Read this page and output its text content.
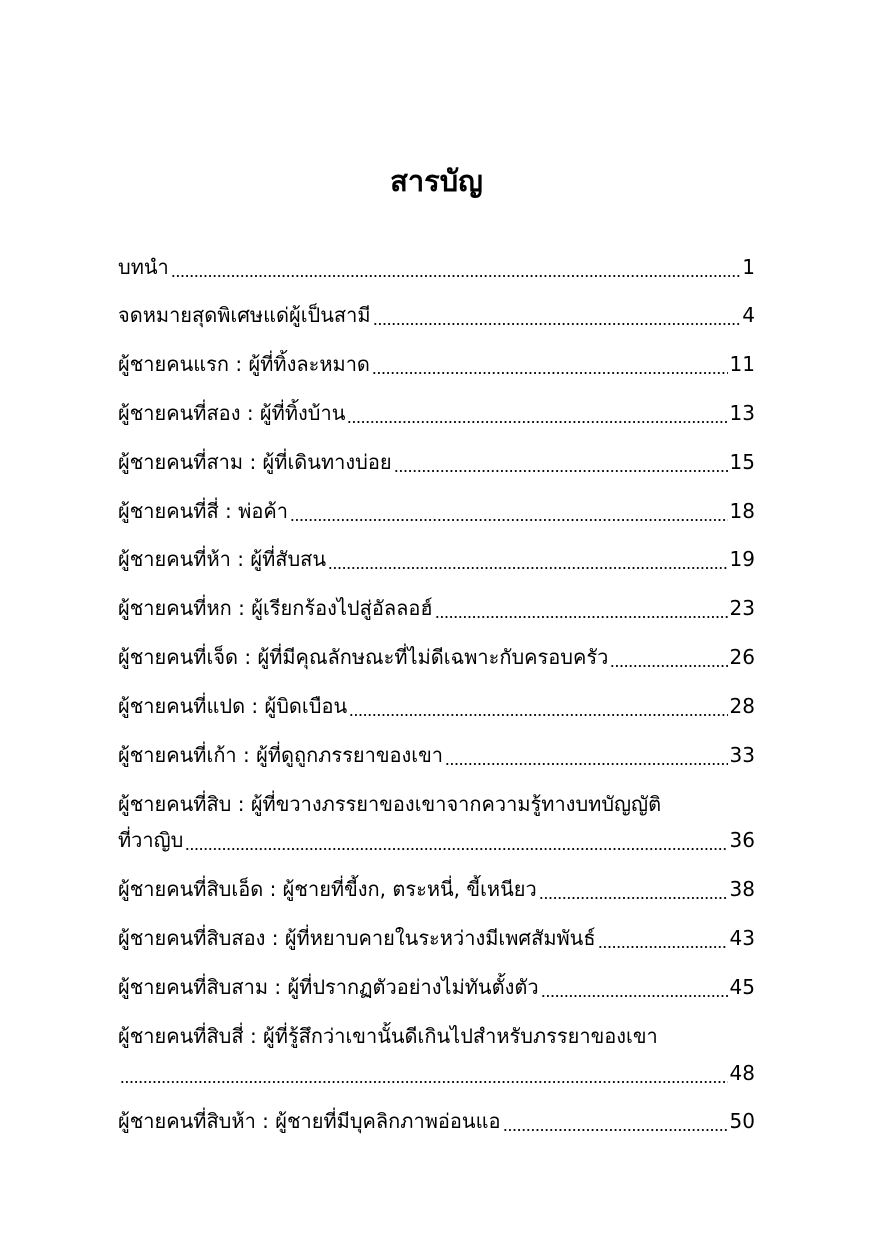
สารบัญ
บทนำ	1
จดหมายสุดพิเศษแด่ผู้เป็นสามี	4
ผู้ชายคนแรก : ผู้ที่ทิ้งละหมาด	11
ผู้ชายคนที่สอง : ผู้ที่ทิ้งบ้าน	13
ผู้ชายคนที่สาม : ผู้ที่เดินทางบ่อย	15
ผู้ชายคนที่สี่ : พ่อค้า	18
ผู้ชายคนที่ห้า : ผู้ที่สับสน	19
ผู้ชายคนที่หก : ผู้เรียกร้องไปสู่อัลลอฮ์	23
ผู้ชายคนที่เจ็ด : ผู้ที่มีคุณลักษณะที่ไม่ดีเฉพาะกับครอบครัว	26
ผู้ชายคนที่แปด : ผู้บิดเบือน	28
ผู้ชายคนที่เก้า : ผู้ที่ดูถูกภรรยาของเขา	33
ผู้ชายคนที่สิบ : ผู้ที่ขวางภรรยาของเขาจากความรู้ทางบทบัญญัติ
ที่วาญิบ	36
ผู้ชายคนที่สิบเอ็ด : ผู้ชายที่ขี้งก, ตระหนี่, ขี้เหนียว	38
ผู้ชายคนที่สิบสอง : ผู้ที่หยาบคายในระหว่างมีเพศสัมพันธ์	43
ผู้ชายคนที่สิบสาม : ผู้ที่ปรากฏตัวอย่างไม่ทันตั้งตัว	45
ผู้ชายคนที่สิบสี่ : ผู้ที่รู้สึกว่าเขานั้นดีเกินไปสำหรับภรรยาของเขา
48
ผู้ชายคนที่สิบห้า : ผู้ชายที่มีบุคลิกภาพอ่อนแอ	50
